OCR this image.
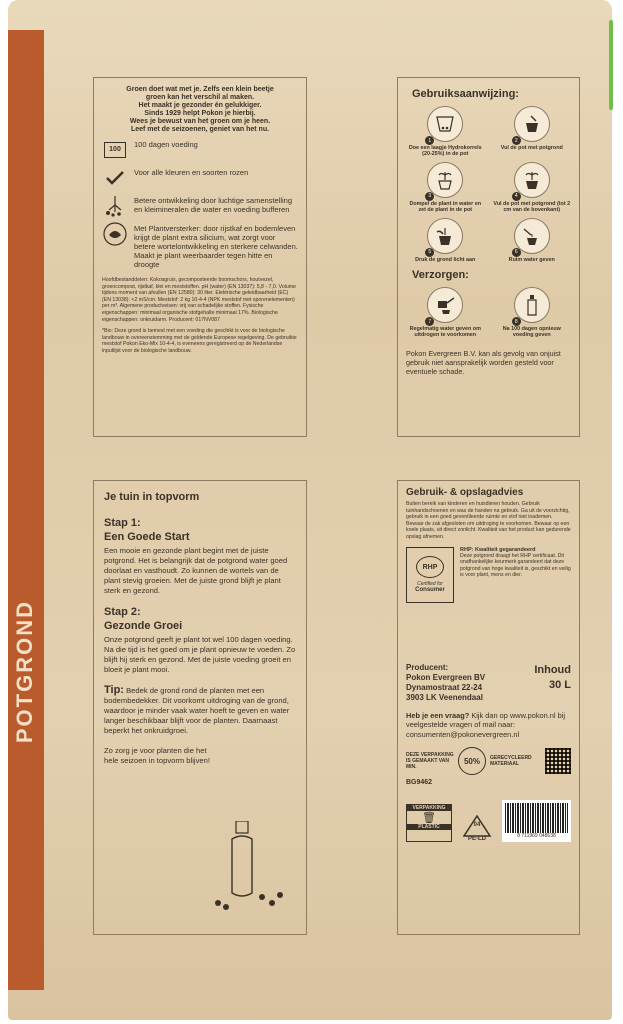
POTGROND
Groen doet wat met je. Zelfs een klein beetje
groen kan het verschil al maken.
Het maakt je gezonder én gelukkiger.
Sinds 1929 helpt Pokon je hierbij.
Wees je bewust van het groen om je heen.
Leef met de seizoenen, geniet van het nu.
100
100 dagen voeding
Voor alle kleuren en soorten rozen
Betere ontwikkeling door luchtige samenstelling en kleimineralen die water en voeding bufferen
Met Plantversterker: door rijstkaf en bodemleven krijgt de plant extra silicium, wat zorgt voor betere wortelontwikkeling en sterkere celwanden. Maakt je plant weerbaarder tegen hitte en droogte
Hoofdbestanddelen: Kokosgruis, gecomposteerde boomschors, houtvezel, groencompost, rijstkaf, klei en meststoffen. pH (water) (EN 13037): 5,8 - 7,0. Volume tijdens moment van afvullen (EN 12580): 30 liter. Elektrische geleidbaarheid (EC) (EN 13038): <2 mS/cm. Meststof: 2 kg 10-4-4 (NPK meststof met sporenelementen) per m³. Algemene productveisen: vrij van schadelijke stoffen. Fysische eigenschappen: minimaal organische stofgehalte minimaal 17%. Biologische eigenschappen: onkruidarm. Producent: 017NV087
*Bio: Deze grond is bemest met een voeding die geschikt is voor de biologische landbouw in overeenstemming met de geldende Europese regelgeving. De gebruikte meststof Pokon Eko-Mix 10-4-4, is eveneens geregistreerd op de Nederlandse inputlijst voor de biologische landbouw.
Gebruiksaanwijzing:
1
Doe een laagje Hydrokorrels (20-25%) in de pot
2
Vul de pot met potgrond
3
Dompel de plant in water en zet de plant in de pot
4
Vul de pot met potgrond (tot 2 cm van de bovenkant)
5
Druk de grond licht aan
6
Ruim water geven
Verzorgen:
7
Regelmatig water geven om uitdrogen te voorkomen
8
Na 100 dagen opnieuw voeding geven
Pokon Evergreen B.V. kan als gevolg van onjuist gebruik niet aansprakelijk worden gesteld voor eventuele schade.
Je tuin in topvorm
Stap 1:
Een Goede Start
Een mooie en gezonde plant begint met de juiste potgrond. Het is belangrijk dat de potgrond water goed doorlaat en vasthoudt. Zo kunnen de wortels van de plant stevig groeien. Met de juiste grond blijft je plant sterk en gezond.
Stap 2:
Gezonde Groei
Onze potgrond geeft je plant tot wel 100 dagen voeding. Na die tijd is het goed om je plant opnieuw te voeden. Zo blijft hij sterk en gezond. Met de juiste voeding groeit en bloeit je plant mooi.
Tip: Bedek de grond rond de planten met een bodembedekker. Dit voorkomt uitdroging van de grond, waardoor je minder vaak water hoeft te geven en water langer beschikbaar blijft voor de planten. Daarnaast beperkt het onkruidgroei.
Zo zorg je voor planten die het hele seizoen in topvorm blijven!
Gebruik- & opslagadvies
Buiten bereik van kinderen en huisdieren houden. Gebruik tuinhandschoenen en was de handen na gebruik. Ga uit de voorzichtig, gebruik in een goed geventileerde ruimte en stof niet inademen. Bewaar de zak afgesloten om uitdroging te voorkomen. Bewaar op een koele plaats, uit direct zonlicht. Kwaliteit van het product kan gedurende opslag afnemen.
RHP
Certified for
Consumer
RHP: Kwaliteit gegarandeerd
Deze potgrond draagt het RHP certificaat. Dit onafhankelijke keurmerk garandeert dat deze potgrond van hoge kwaliteit is, geschikt en veilig is voor plant, mens en dier.
Producent:
Pokon Evergreen BV
Dynamostraat 22-24
3903 LK Veenendaal
Inhoud
30 L
Heb je een vraag? Kijk dan op www.pokon.nl bij veelgestelde vragen of mail naar:
consumenten@pokonevergreen.nl
DEZE VERPAKKING IS GEMAAKT VAN MIN.
50%	GERECYCLEERD MATERIAAL
BG9462
VERPAKKING
🗑
PLASTIC	04
PE-LD	8 711969 048638
